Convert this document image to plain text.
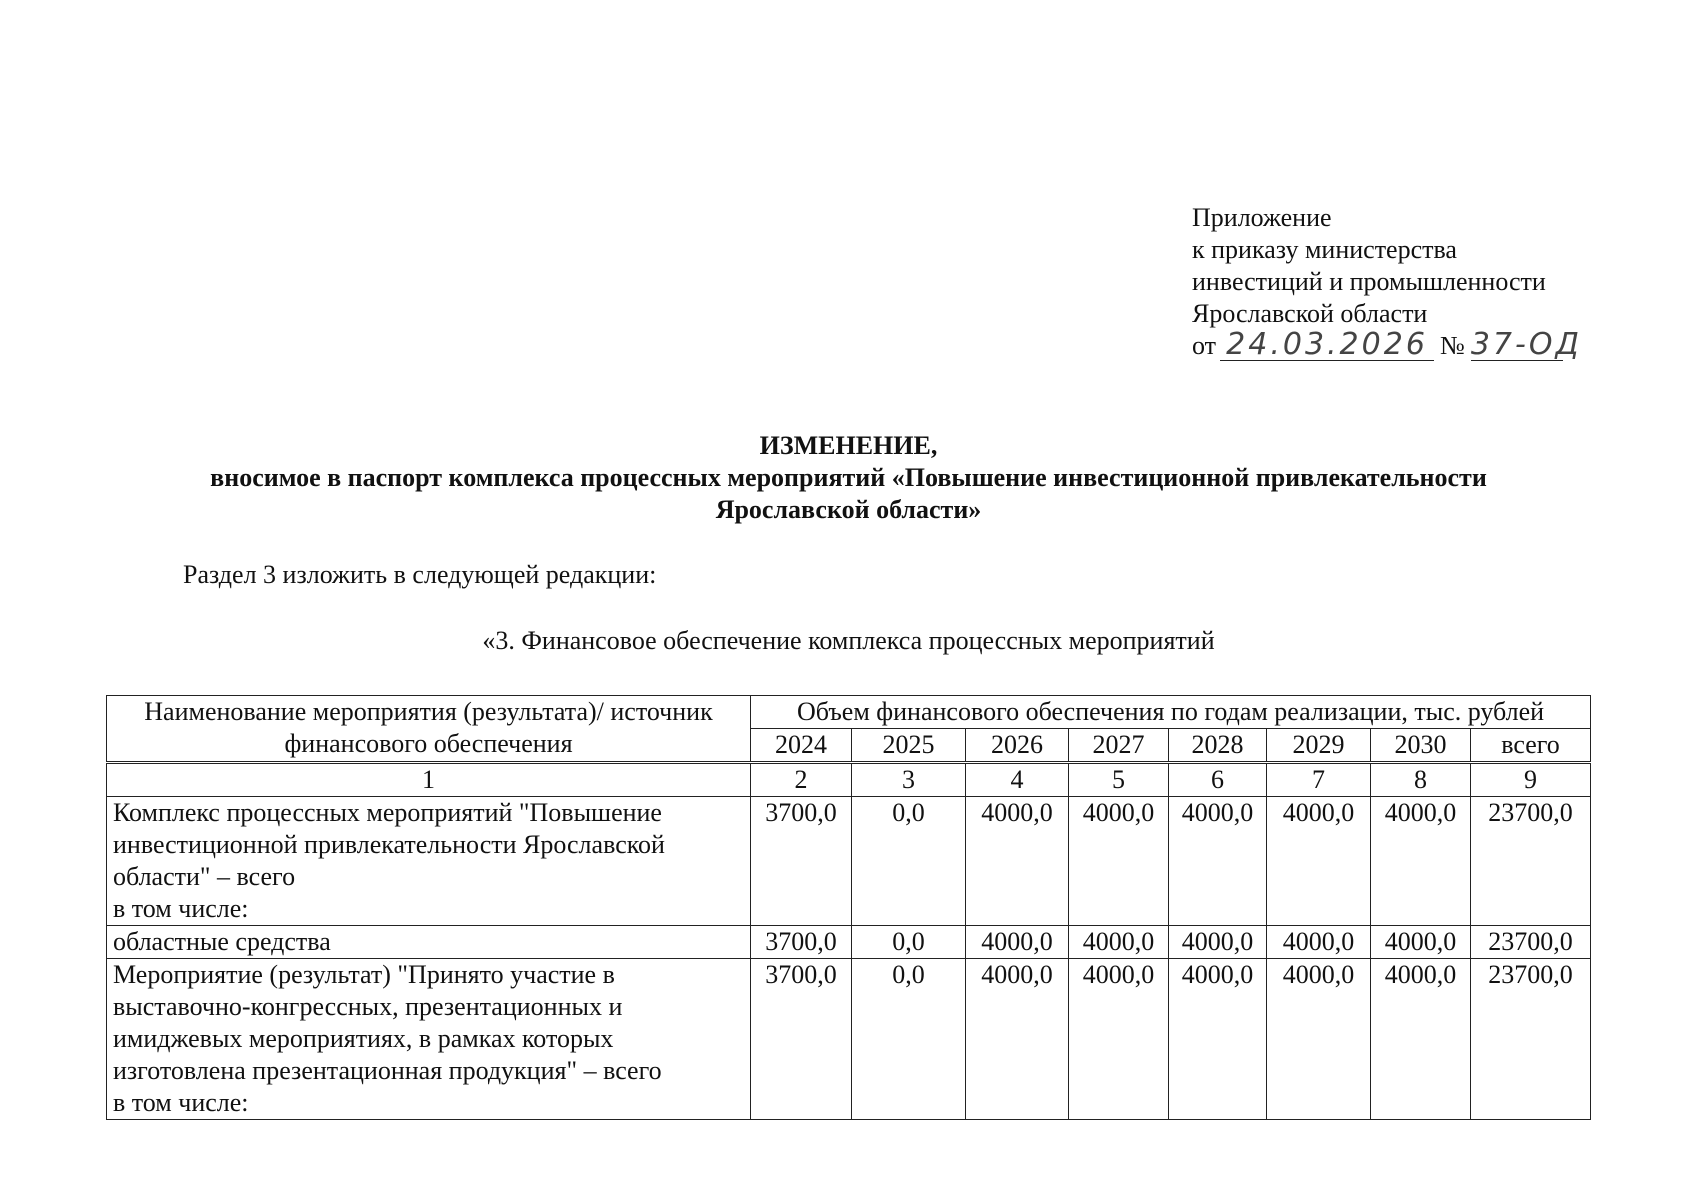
Приложение
к приказу министерства
инвестиций и промышленности
Ярославской области
от 24.03.2026 № 37-ОД
ИЗМЕНЕНИЕ,
вносимое в паспорт комплекса процессных мероприятий «Повышение инвестиционной привлекательности
Ярославской области»
Раздел 3 изложить в следующей редакции:
«3. Финансовое обеспечение комплекса процессных мероприятий
Наименование мероприятия (результата)/ источник финансового обеспечения	Объем финансового обеспечения по годам реализации, тыс. рублей							
	2024	2025	2026	2027	2028	2029	2030	всего
1	2	3	4	5	6	7	8	9
Комплекс процессных мероприятий "Повышение инвестиционной привлекательности Ярославской области" – всего
в том числе:	3700,0	0,0	4000,0	4000,0	4000,0	4000,0	4000,0	23700,0
областные средства	3700,0	0,0	4000,0	4000,0	4000,0	4000,0	4000,0	23700,0
Мероприятие (результат) "Принято участие в выставочно-конгрессных, презентационных и имиджевых мероприятиях, в рамках которых изготовлена презентационная продукция" – всего
в том числе:	3700,0	0,0	4000,0	4000,0	4000,0	4000,0	4000,0	23700,0
